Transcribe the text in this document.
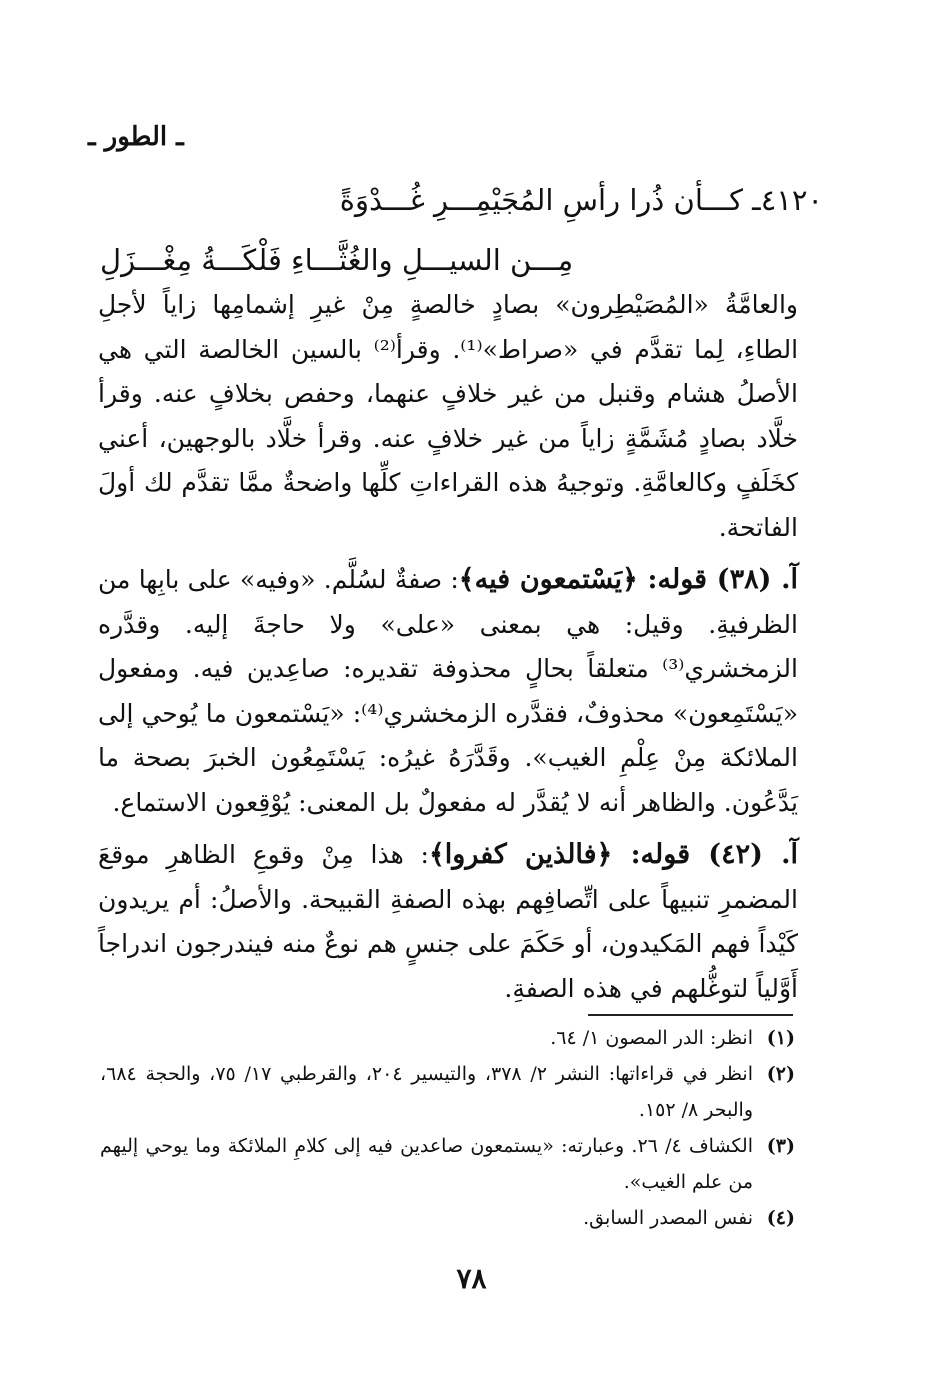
ـ الطور ـ
٤١٢٠ـ كـــأن ذُرا رأسِ المُجَيْمِـــرِ غُـــدْوَةً
مِـــن السيـــلِ والغُثَّـــاءِ فَلْكَـــةُ مِغْـــزَلِ

والعامَّةُ «المُصَيْطِرون» بصادٍ خالصةٍ مِنْ غيرِ إشمامِها زاياً لأجلِ الطاءِ، لِما تقدَّم في «صراط»⁽¹⁾. وقرأ⁽²⁾ بالسين الخالصة التي هي الأصلُ هشام وقنبل من غير خلافٍ عنهما، وحفص بخلافٍ عنه. وقرأ خلَّاد بصادٍ مُشَمَّةٍ زاياً من غير خلافٍ عنه. وقرأ خلَّاد بالوجهين، أعني كخَلَفٍ وكالعامَّةِ. وتوجيهُ هذه القراءاتِ كلِّها واضحةٌ ممَّا تقدَّم لك أولَ الفاتحة.

آ. (٣٨) قوله: ﴿يَسْتمعون فيه﴾: صفةٌ لسُلَّم. «وفيه» على بابِها من الظرفيةِ. وقيل: هي بمعنى «على» ولا حاجةَ إليه. وقدَّره الزمخشري⁽³⁾ متعلقاً بحالٍ محذوفة تقديره: صاعِدين فيه. ومفعول «يَسْتَمِعون» محذوفٌ، فقدَّره الزمخشري⁽⁴⁾: «يَسْتمعون ما يُوحي إلى الملائكة مِنْ عِلْمِ الغيب». وقَدَّرَهُ غيرُه: يَسْتَمِعُون الخبرَ بصحة ما يَدَّعُون. والظاهر أنه لا يُقدَّر له مفعولٌ بل المعنى: يُوْقِعون الاستماع.

آ. (٤٢) قوله: ﴿فالذين كفروا﴾: هذا مِنْ وقوعِ الظاهرِ موقعَ المضمرِ تنبيهاً على اتِّصافِهم بهذه الصفةِ القبيحة. والأصلُ: أم يريدون كَيْداً فهم المَكيدون، أو حَكَمَ على جنسٍ هم نوعٌ منه فيندرجون اندراجاً أَوَّلياً لتوغُّلهم في هذه الصفةِ.

(١)
انظر: الدر المصون ١/ ٦٤.
(٢)
انظر في قراءاتها: النشر ٢/ ٣٧٨، والتيسير ٢٠٤، والقرطبي ١٧/ ٧٥، والحجة ٦٨٤، والبحر ٨/ ١٥٢.
(٣)
الكشاف ٤/ ٢٦. وعبارته: «يستمعون صاعدين فيه إلى كلامِ الملائكة وما يوحي إليهم من علم الغيب».
(٤)
نفس المصدر السابق.
٧٨
